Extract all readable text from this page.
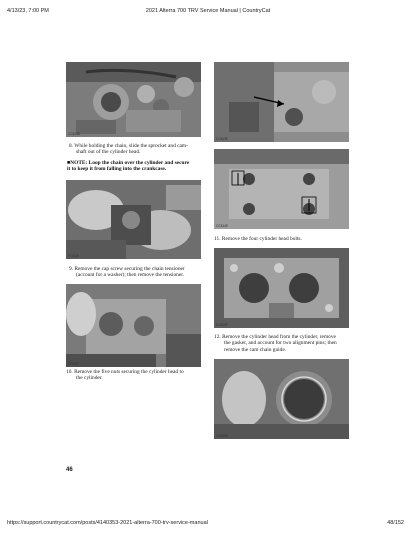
4/13/23, 7:00 PM	2021 Alterra 700 TRV Service Manual | CountryCat
CC813D
8. While holding the chain, slide the sprocket and cam-
shaft out of the cylinder head.
■NOTE: Loop the chain over the cylinder and secure
it to keep it from falling into the crankcase.
FT0135
9. Remove the cap screw securing the chain tensioner
(account for a washer); then remove the tensioner.
FT1007
10. Remove the five nuts securing the cylinder head to
the cylinder.
CC813E
CC814E
11. Remove the four cylinder head bolts.
CC815F
12. Remove the cylinder head from the cylinder, remove
the gasket, and account for two alignment pins; then
remove the cam chain guide.
CC816G
46
https://support.countrycat.com/posts/4140353-2021-alterra-700-trv-service-manual	48/152
